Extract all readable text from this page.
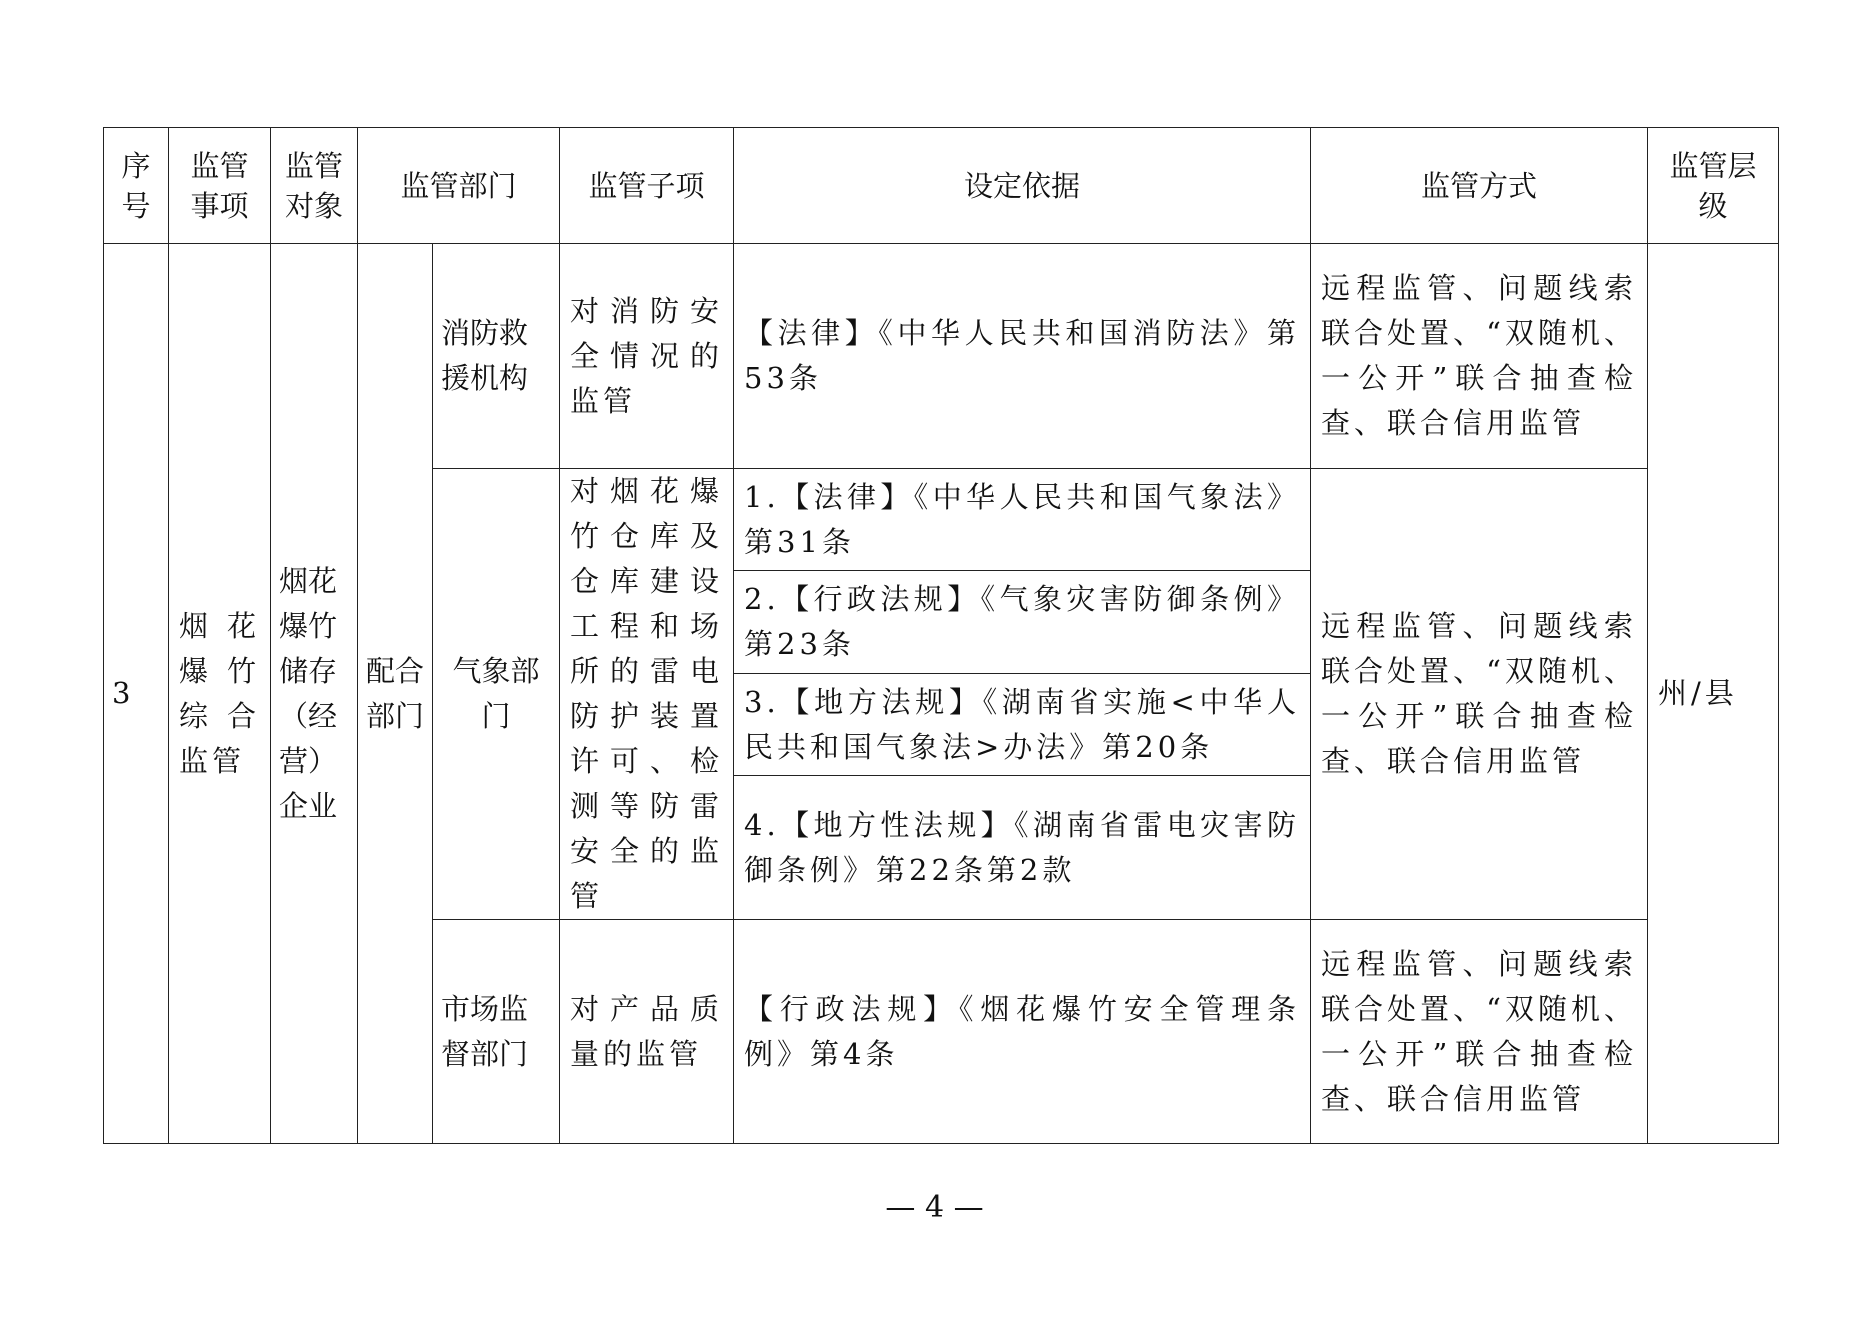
序号	监管事项	监管对象	监管部门		监管子项	设定依据	监管方式	监管层级
3	烟花爆竹综合监管	烟花爆竹储存（经营）企业	配合部门	消防救援机构	对消防安全情况的监管	【法律】《中华人民共和国消防法》第53条	远程监管、问题线索联合处置、“双随机、一公开”联合抽查检查、联合信用监管	州/县
				气象部门	对烟花爆竹仓库及仓库建设工程和场所的雷电防护装置许可、检测等防雷安全的监管	1.【法律】《中华人民共和国气象法》第31条	远程监管、问题线索联合处置、“双随机、一公开”联合抽查检查、联合信用监管	
						2.【行政法规】《气象灾害防御条例》第23条		
						3.【地方法规】《湖南省实施<中华人民共和国气象法>办法》第20条		
						4.【地方性法规】《湖南省雷电灾害防御条例》第22条第2款		
				市场监督部门	对产品质量的监管	【行政法规】《烟花爆竹安全管理条例》第4条	远程监管、问题线索联合处置、“双随机、一公开”联合抽查检查、联合信用监管	
— 4 —
